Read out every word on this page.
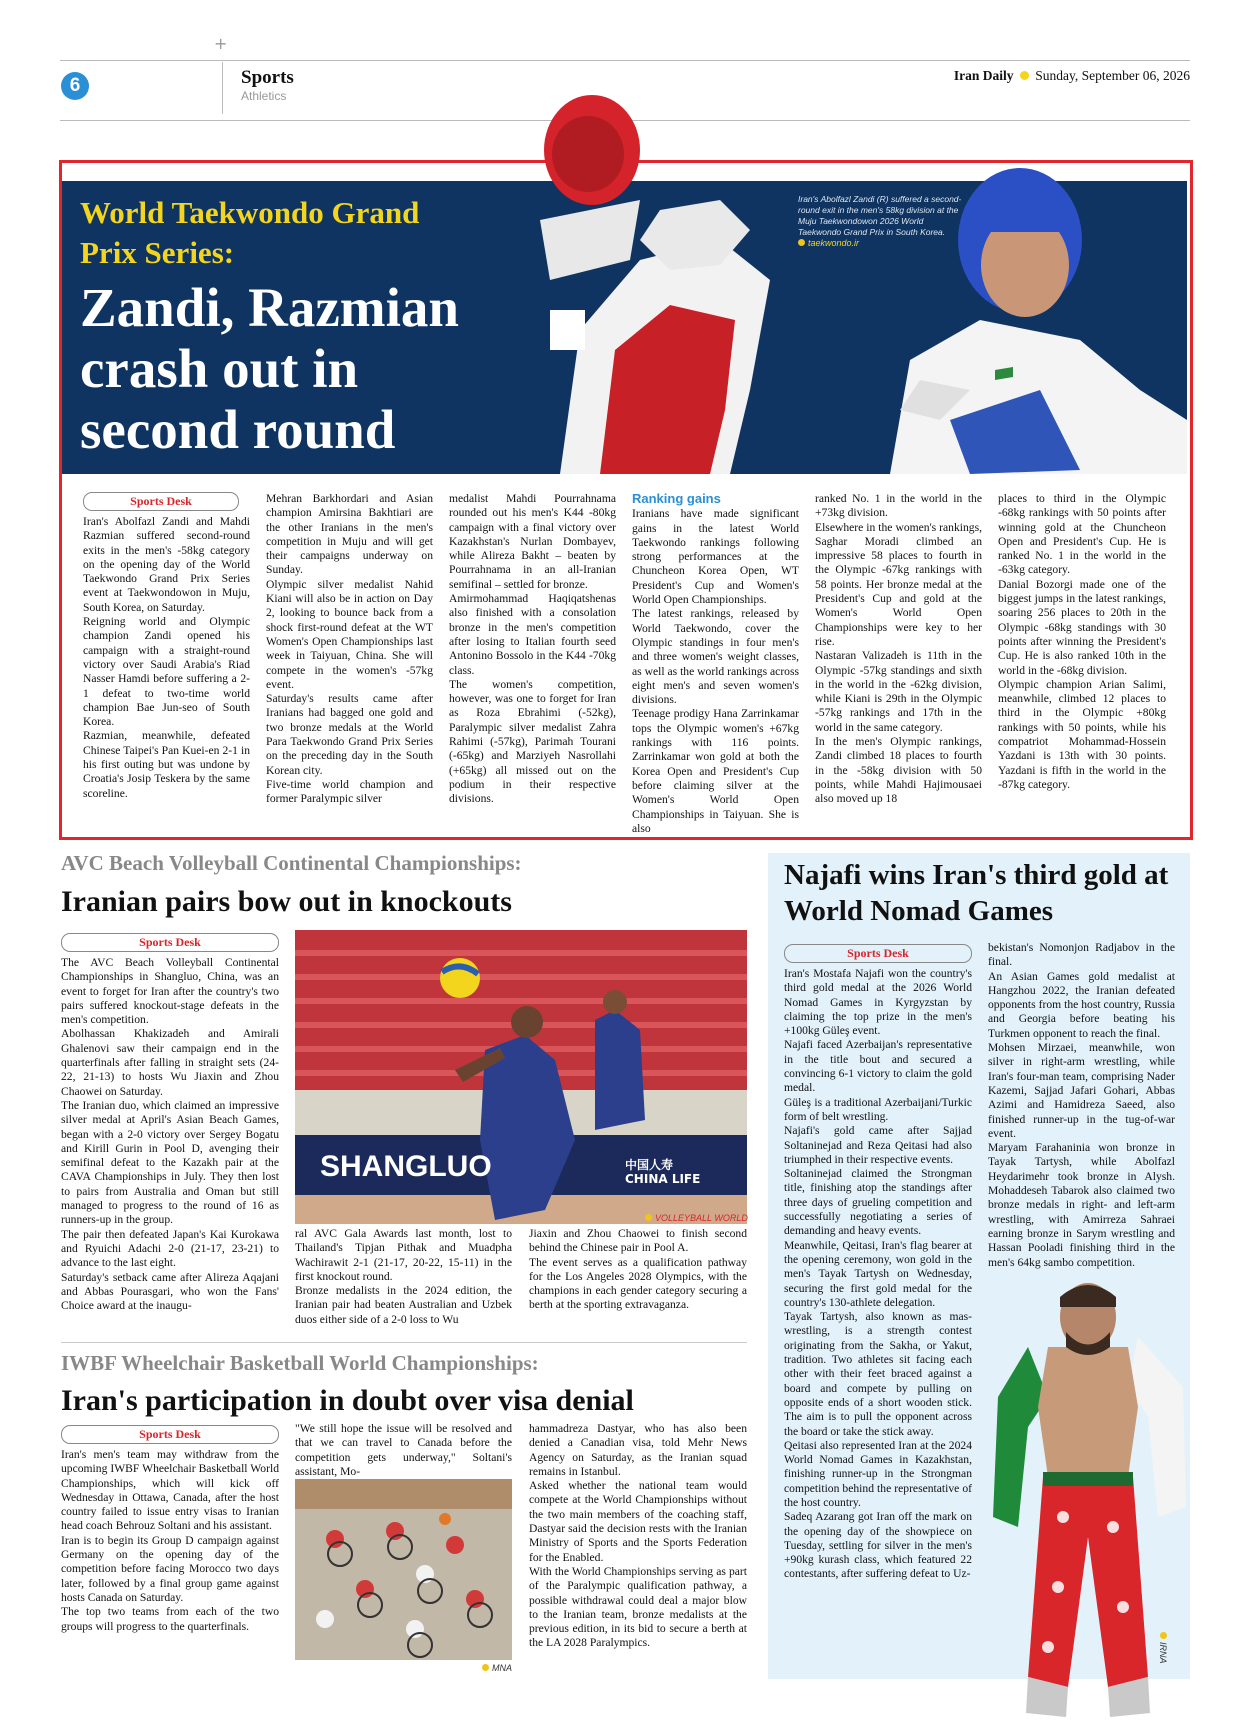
+
6	Sports
Athletics
Iran Daily Sunday, September 06, 2026
World Taekwondo Grand Prix Series:
Zandi, Razmian crash out in second round
Iran's Abolfazl Zandi (R) suffered a second-round exit in the men's 58kg division at the Muju Taekwondowon 2026 World Taekwondo Grand Prix in South Korea.
taekwondo.ir
Sports Desk
Iran's Abolfazl Zandi and Mahdi Razmian suffered second-round exits in the men's -58kg category on the opening day of the World Taekwondo Grand Prix Series event at Taekwondowon in Muju, South Korea, on Saturday.
Reigning world and Olympic champion Zandi opened his campaign with a straight-round victory over Saudi Arabia's Riad Nasser Hamdi before suffering a 2-1 defeat to two-time world champion Bae Jun-seo of South Korea.
Razmian, meanwhile, defeated Chinese Taipei's Pan Kuei-en 2-1 in his first outing but was undone by Croatia's Josip Teskera by the same scoreline.
Mehran Barkhordari and Asian champion Amirsina Bakhtiari are the other Iranians in the men's competition in Muju and will get their campaigns underway on Sunday.
Olympic silver medalist Nahid Kiani will also be in action on Day 2, looking to bounce back from a shock first-round defeat at the WT Women's Open Championships last week in Taiyuan, China. She will compete in the women's -57kg event.
Saturday's results came after Iranians had bagged one gold and two bronze medals at the World Para Taekwondo Grand Prix Series on the preceding day in the South Korean city.
Five-time world champion and former Paralympic silver
medalist Mahdi Pourrahnama rounded out his men's K44 -80kg campaign with a final victory over Kazakhstan's Nurlan Dombayev, while Alireza Bakht – beaten by Pourrahnama in an all-Iranian semifinal – settled for bronze.
Amirmohammad Haqiqatshenas also finished with a consolation bronze in the men's competition after losing to Italian fourth seed Antonino Bossolo in the K44 -70kg class.
The women's competition, however, was one to forget for Iran as Roza Ebrahimi (-52kg), Paralympic silver medalist Zahra Rahimi (-57kg), Parimah Tourani (-65kg) and Marziyeh Nasrollahi (+65kg) all missed out on the podium in their respective divisions.
Ranking gains
Iranians have made significant gains in the latest World Taekwondo rankings following strong performances at the Chuncheon Korea Open, WT President's Cup and Women's World Open Championships.
The latest rankings, released by World Taekwondo, cover the Olympic standings in four men's and three women's weight classes, as well as the world rankings across eight men's and seven women's divisions.
Teenage prodigy Hana Zarrinkamar tops the Olympic women's +67kg rankings with 116 points. Zarrinkamar won gold at both the Korea Open and President's Cup before claiming silver at the Women's World Open Championships in Taiyuan. She is also
ranked No. 1 in the world in the +73kg division.
Elsewhere in the women's rankings, Saghar Moradi climbed an impressive 58 places to fourth in the Olympic -67kg rankings with 58 points. Her bronze medal at the President's Cup and gold at the Women's World Open Championships were key to her rise.
Nastaran Valizadeh is 11th in the Olympic -57kg standings and sixth in the world in the -62kg division, while Kiani is 29th in the Olympic -57kg rankings and 17th in the world in the same category.
In the men's Olympic rankings, Zandi climbed 18 places to fourth in the -58kg division with 50 points, while Mahdi Hajimousaei also moved up 18
places to third in the Olympic -68kg rankings with 50 points after winning gold at the Chuncheon Open and President's Cup. He is ranked No. 1 in the world in the -63kg category.
Danial Bozorgi made one of the biggest jumps in the latest rankings, soaring 256 places to 20th in the Olympic -68kg standings with 30 points after winning the President's Cup. He is also ranked 10th in the world in the -68kg division.
Olympic champion Arian Salimi, meanwhile, climbed 12 places to third in the Olympic +80kg rankings with 50 points, while his compatriot Mohammad-Hossein Yazdani is 13th with 30 points. Yazdani is fifth in the world in the -87kg category.
AVC Beach Volleyball Continental Championships:
Iranian pairs bow out in knockouts
Sports Desk
The AVC Beach Volleyball Continental Championships in Shangluo, China, was an event to forget for Iran after the country's two pairs suffered knockout-stage defeats in the men's competition.
Abolhassan Khakizadeh and Amirali Ghalenovi saw their campaign end in the quarterfinals after falling in straight sets (24-22, 21-13) to hosts Wu Jiaxin and Zhou Chaowei on Saturday.
The Iranian duo, which claimed an impressive silver medal at April's Asian Beach Games, began with a 2-0 victory over Sergey Bogatu and Kirill Gurin in Pool D, avenging their semifinal defeat to the Kazakh pair at the CAVA Championships in July. They then lost to pairs from Australia and Oman but still managed to progress to the round of 16 as runners-up in the group.
The pair then defeated Japan's Kai Kurokawa and Ryuichi Adachi 2-0 (21-17, 23-21) to advance to the last eight.
Saturday's setback came after Alireza Aqajani and Abbas Pourasgari, who won the Fans' Choice award at the inaugu-
SHANGLUO	中国人寿 CHINA LIFE
VOLLEYBALL WORLD
ral AVC Gala Awards last month, lost to Thailand's Tipjan Pithak and Muadpha Wachirawit 2-1 (21-17, 20-22, 15-11) in the first knockout round.
Bronze medalists in the 2024 edition, the Iranian pair had beaten Australian and Uzbek duos either side of a 2-0 loss to Wu
Jiaxin and Zhou Chaowei to finish second behind the Chinese pair in Pool A.
The event serves as a qualification pathway for the Los Angeles 2028 Olympics, with the champions in each gender category securing a berth at the sporting extravaganza.
IWBF Wheelchair Basketball World Championships:
Iran's participation in doubt over visa denial
Sports Desk
Iran's men's team may withdraw from the upcoming IWBF Wheelchair Basketball World Championships, which will kick off Wednesday in Ottawa, Canada, after the host country failed to issue entry visas to Iranian head coach Behrouz Soltani and his assistant.
Iran is to begin its Group D campaign against Germany on the opening day of the competition before facing Morocco two days later, followed by a final group game against hosts Canada on Saturday.
The top two teams from each of the two groups will progress to the quarterfinals.
"We still hope the issue will be resolved and that we can travel to Canada before the competition gets underway," Soltani's assistant, Mo-
MNA
hammadreza Dastyar, who has also been denied a Canadian visa, told Mehr News Agency on Saturday, as the Iranian squad remains in Istanbul.
Asked whether the national team would compete at the World Championships without the two main members of the coaching staff, Dastyar said the decision rests with the Iranian Ministry of Sports and the Sports Federation for the Enabled.
With the World Championships serving as part of the Paralympic qualification pathway, a possible withdrawal could deal a major blow to the Iranian team, bronze medalists at the previous edition, in its bid to secure a berth at the LA 2028 Paralympics.
Najafi wins Iran's third gold at World Nomad Games
Sports Desk
Iran's Mostafa Najafi won the country's third gold medal at the 2026 World Nomad Games in Kyrgyzstan by claiming the top prize in the men's +100kg Güleş event.
Najafi faced Azerbaijan's representative in the title bout and secured a convincing 6-1 victory to claim the gold medal.
Güleş is a traditional Azerbaijani/Turkic form of belt wrestling.
Najafi's gold came after Sajjad Soltaninejad and Reza Qeitasi had also triumphed in their respective events.
Soltaninejad claimed the Strongman title, finishing atop the standings after three days of grueling competition and successfully negotiating a series of demanding and heavy events.
Meanwhile, Qeitasi, Iran's flag bearer at the opening ceremony, won gold in the men's Tayak Tartysh on Wednesday, securing the first gold medal for the country's 130-athlete delegation.
Tayak Tartysh, also known as mas-wrestling, is a strength contest originating from the Sakha, or Yakut, tradition. Two athletes sit facing each other with their feet braced against a board and compete by pulling on opposite ends of a short wooden stick. The aim is to pull the opponent across the board or take the stick away.
Qeitasi also represented Iran at the 2024 World Nomad Games in Kazakhstan, finishing runner-up in the Strongman competition behind the representative of the host country.
Sadeq Azarang got Iran off the mark on the opening day of the showpiece on Tuesday, settling for silver in the men's +90kg kurash class, which featured 22 contestants, after suffering defeat to Uz-
bekistan's Nomonjon Radjabov in the final.
An Asian Games gold medalist at Hangzhou 2022, the Iranian defeated opponents from the host country, Russia and Georgia before beating his Turkmen opponent to reach the final.
Mohsen Mirzaei, meanwhile, won silver in right-arm wrestling, while Iran's four-man team, comprising Nader Kazemi, Sajjad Jafari Gohari, Abbas Azimi and Hamidreza Saeed, also finished runner-up in the tug-of-war event.
Maryam Farahaninia won bronze in Tayak Tartysh, while Abolfazl Heydarimehr took bronze in Alysh. Mohaddeseh Tabarok also claimed two bronze medals in right- and left-arm wrestling, with Amirreza Sahraei earning bronze in Sarym wrestling and Hassan Pooladi finishing third in the men's 64kg sambo competition.
IRNA
